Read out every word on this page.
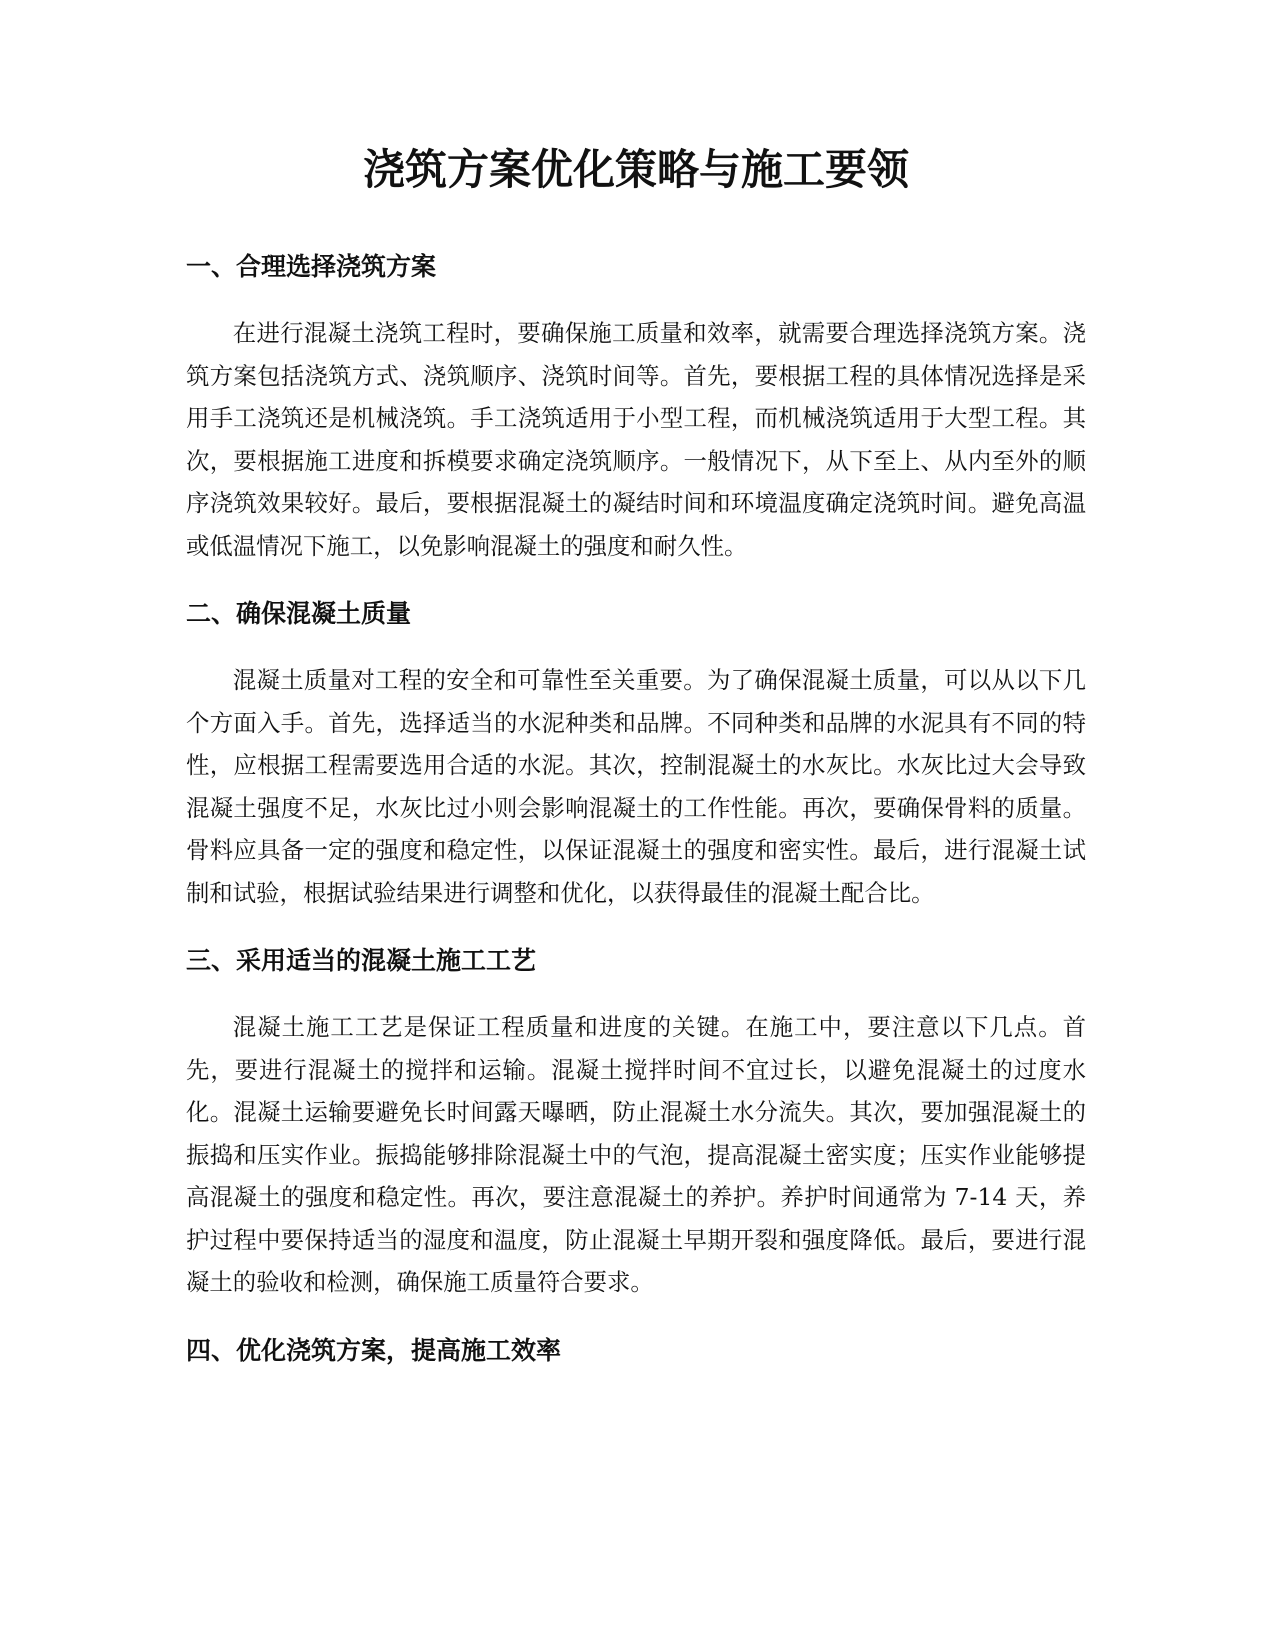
浇筑方案优化策略与施工要领
一、合理选择浇筑方案

在进行混凝土浇筑工程时，要确保施工质量和效率，就需要合理选择浇筑方案。浇筑方案包括浇筑方式、浇筑顺序、浇筑时间等。首先，要根据工程的具体情况选择是采用手工浇筑还是机械浇筑。手工浇筑适用于小型工程，而机械浇筑适用于大型工程。其次，要根据施工进度和拆模要求确定浇筑顺序。一般情况下，从下至上、从内至外的顺序浇筑效果较好。最后，要根据混凝土的凝结时间和环境温度确定浇筑时间。避免高温或低温情况下施工，以免影响混凝土的强度和耐久性。

二、确保混凝土质量

混凝土质量对工程的安全和可靠性至关重要。为了确保混凝土质量，可以从以下几个方面入手。首先，选择适当的水泥种类和品牌。不同种类和品牌的水泥具有不同的特性，应根据工程需要选用合适的水泥。其次，控制混凝土的水灰比。水灰比过大会导致混凝土强度不足，水灰比过小则会影响混凝土的工作性能。再次，要确保骨料的质量。骨料应具备一定的强度和稳定性，以保证混凝土的强度和密实性。最后，进行混凝土试制和试验，根据试验结果进行调整和优化，以获得最佳的混凝土配合比。

三、采用适当的混凝土施工工艺

混凝土施工工艺是保证工程质量和进度的关键。在施工中，要注意以下几点。首先，要进行混凝土的搅拌和运输。混凝土搅拌时间不宜过长，以避免混凝土的过度水化。混凝土运输要避免长时间露天曝晒，防止混凝土水分流失。其次，要加强混凝土的振捣和压实作业。振捣能够排除混凝土中的气泡，提高混凝土密实度；压实作业能够提高混凝土的强度和稳定性。再次，要注意混凝土的养护。养护时间通常为 7-14 天，养护过程中要保持适当的湿度和温度，防止混凝土早期开裂和强度降低。最后，要进行混凝土的验收和检测，确保施工质量符合要求。

四、优化浇筑方案，提高施工效率
